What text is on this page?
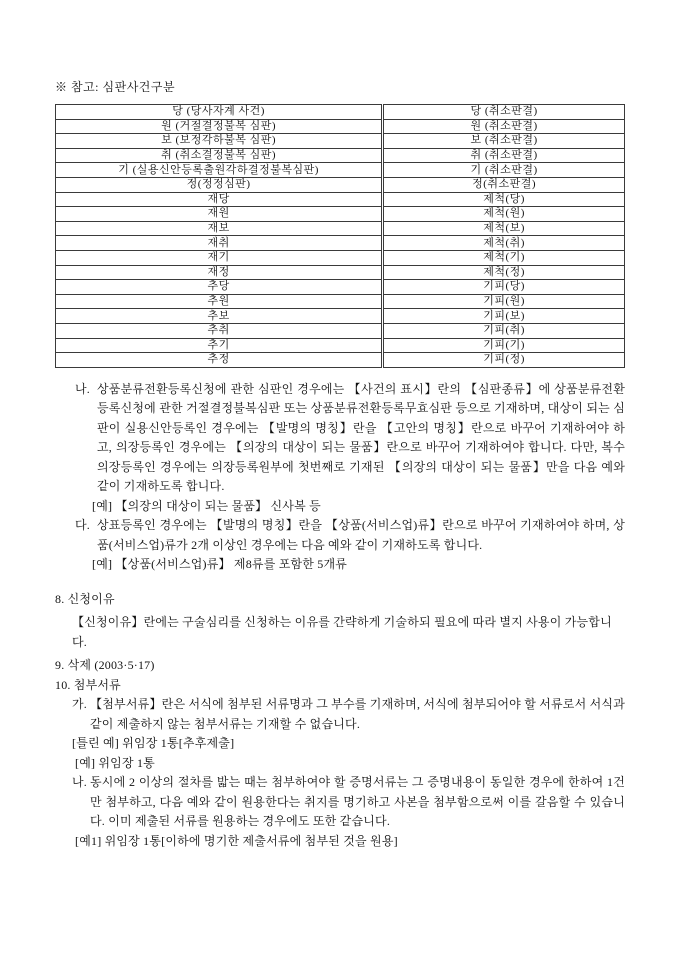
※ 참고: 심판사건구분
당 (당사자계 사건)	당 (취소판결)
원 (거절결정불복 심판)	원 (취소판결)
보 (보정각하불복 심판)	보 (취소판결)
취 (취소결정불복 심판)	취 (취소판결)
기 (실용신안등록출원각하결정불복심판)	기 (취소판결)
정(정정심판)	정(취소판결)
재당	제척(당)
재원	제척(원)
재보	제척(보)
재취	제척(취)
재기	제척(기)
재정	제척(정)
추당	기피(당)
추원	기피(원)
추보	기피(보)
추취	기피(취)
추기	기피(기)
추정	기피(정)
나. 상품분류전환등록신청에 관한 심판인 경우에는 【사건의 표시】란의 【심판종류】에 상품분류전환등록신청에 관한 거절결정불복심판 또는 상품분류전환등록무효심판 등으로 기재하며, 대상이 되는 심판이 실용신안등록인 경우에는 【발명의 명칭】란을 【고안의 명칭】란으로 바꾸어 기재하여야 하고, 의장등록인 경우에는 【의장의 대상이 되는 물품】란으로 바꾸어 기재하여야 합니다. 다만, 복수의장등록인 경우에는 의장등록원부에 첫번째로 기재된 【의장의 대상이 되는 물품】만을 다음 예와 같이 기재하도록 합니다.
[예] 【의장의 대상이 되는 물품】 신사복 등
다. 상표등록인 경우에는 【발명의 명칭】란을 【상품(서비스업)류】란으로 바꾸어 기재하여야 하며, 상품(서비스업)류가 2개 이상인 경우에는 다음 예와 같이 기재하도록 합니다.
[예] 【상품(서비스업)류】 제8류를 포함한 5개류
8. 신청이유
【신청이유】란에는 구술심리를 신청하는 이유를 간략하게 기술하되 필요에 따라 별지 사용이 가능합니다.
9. 삭제 (2003·5·17)
10. 첨부서류
가. 【첨부서류】란은 서식에 첨부된 서류명과 그 부수를 기재하며, 서식에 첨부되어야 할 서류로서 서식과 같이 제출하지 않는 첨부서류는 기재할 수 없습니다.
[틀린 예] 위임장 1통[추후제출]
[예] 위임장 1통
나. 동시에 2 이상의 절차를 밟는 때는 첨부하여야 할 증명서류는 그 증명내용이 동일한 경우에 한하여 1건만 첨부하고, 다음 예와 같이 원용한다는 취지를 명기하고 사본을 첨부함으로써 이를 갈음할 수 있습니다. 이미 제출된 서류를 원용하는 경우에도 또한 같습니다.
[예1] 위임장 1통[이하에 명기한 제출서류에 첨부된 것을 원용]
